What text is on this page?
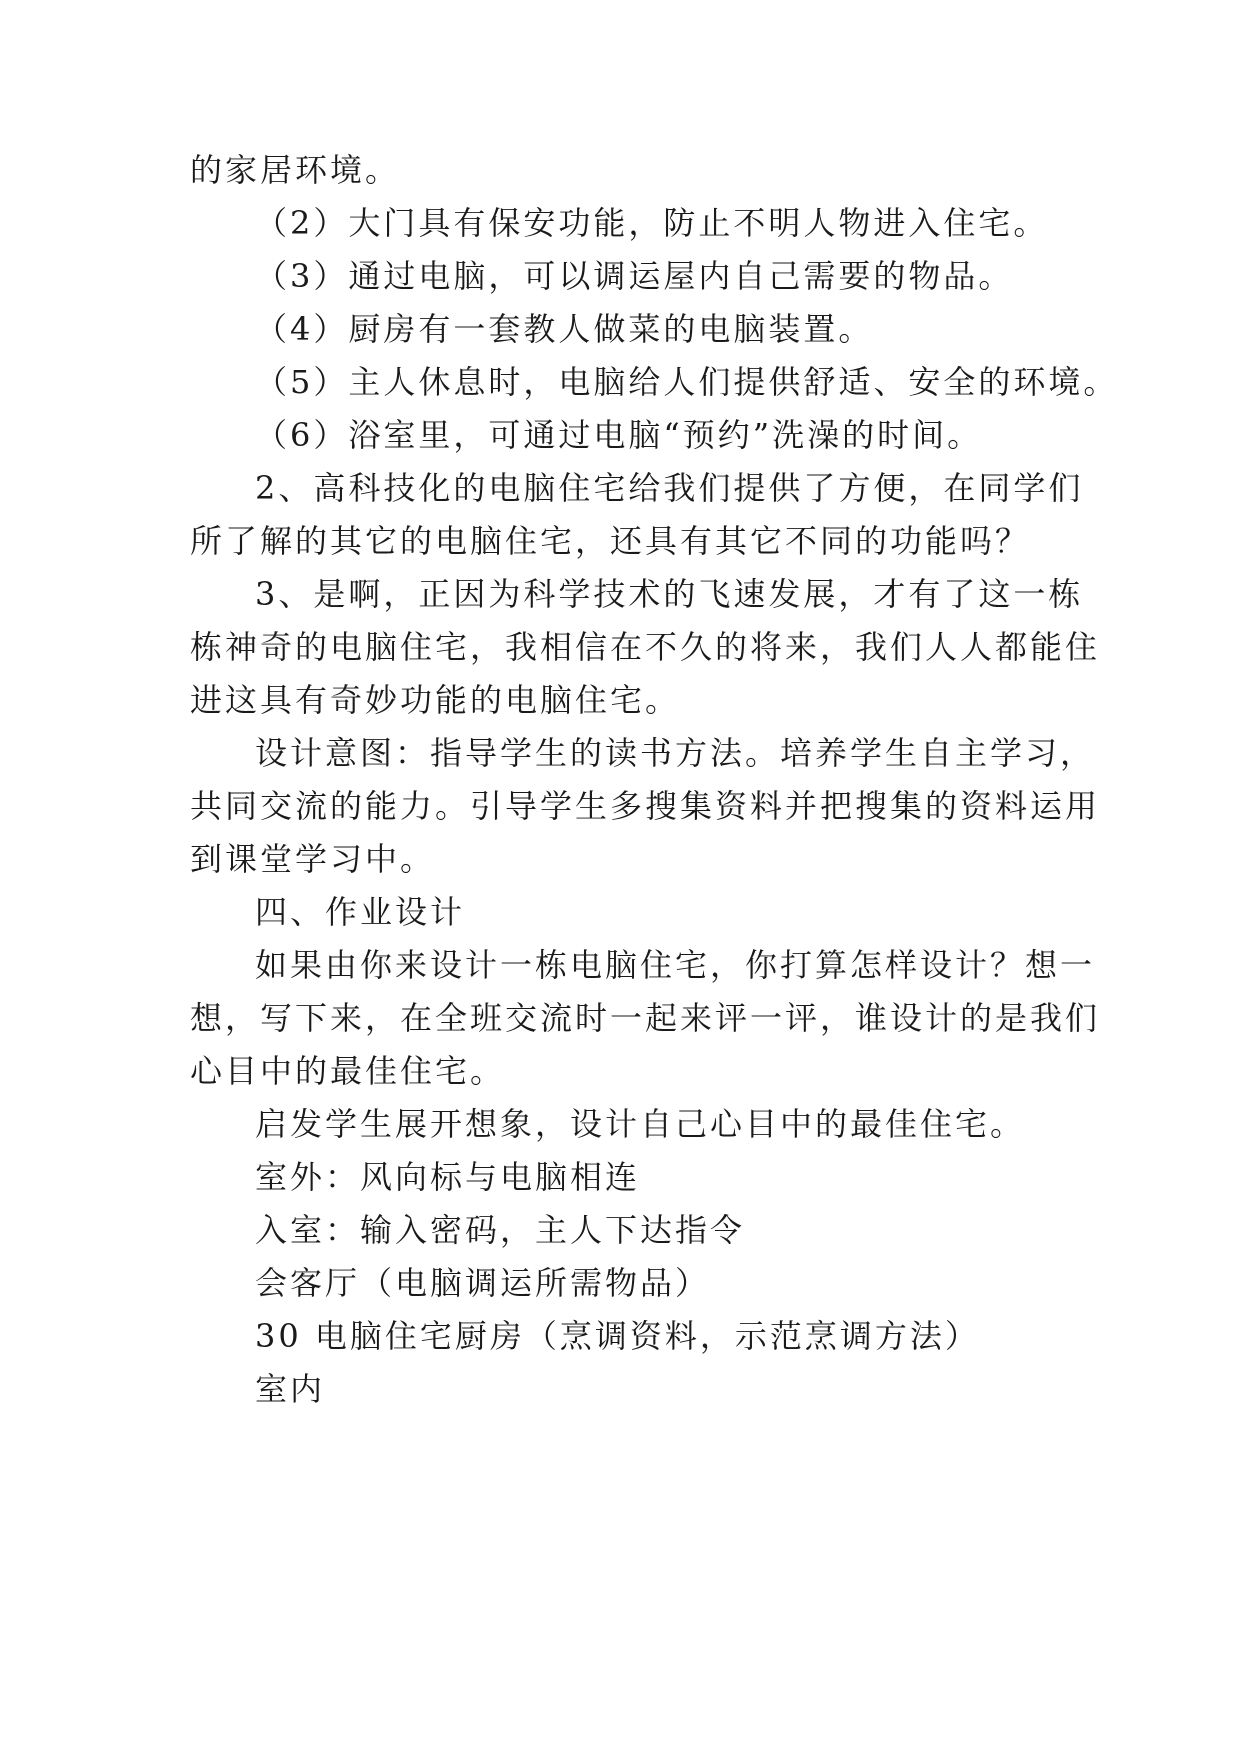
的家居环境。
（2）大门具有保安功能，防止不明人物进入住宅。
（3）通过电脑，可以调运屋内自己需要的物品。
（4）厨房有一套教人做菜的电脑装置。
（5）主人休息时，电脑给人们提供舒适、安全的环境。
（6）浴室里，可通过电脑“预约”洗澡的时间。
2、高科技化的电脑住宅给我们提供了方便，在同学们
所了解的其它的电脑住宅，还具有其它不同的功能吗？
3、是啊，正因为科学技术的飞速发展，才有了这一栋
栋神奇的电脑住宅，我相信在不久的将来，我们人人都能住
进这具有奇妙功能的电脑住宅。
设计意图：指导学生的读书方法。培养学生自主学习，
共同交流的能力。引导学生多搜集资料并把搜集的资料运用
到课堂学习中。
四、作业设计
如果由你来设计一栋电脑住宅，你打算怎样设计？想一
想，写下来，在全班交流时一起来评一评，谁设计的是我们
心目中的最佳住宅。
启发学生展开想象，设计自己心目中的最佳住宅。
室外：风向标与电脑相连
入室：输入密码，主人下达指令
会客厅（电脑调运所需物品）
30 电脑住宅厨房（烹调资料，示范烹调方法）
室内
